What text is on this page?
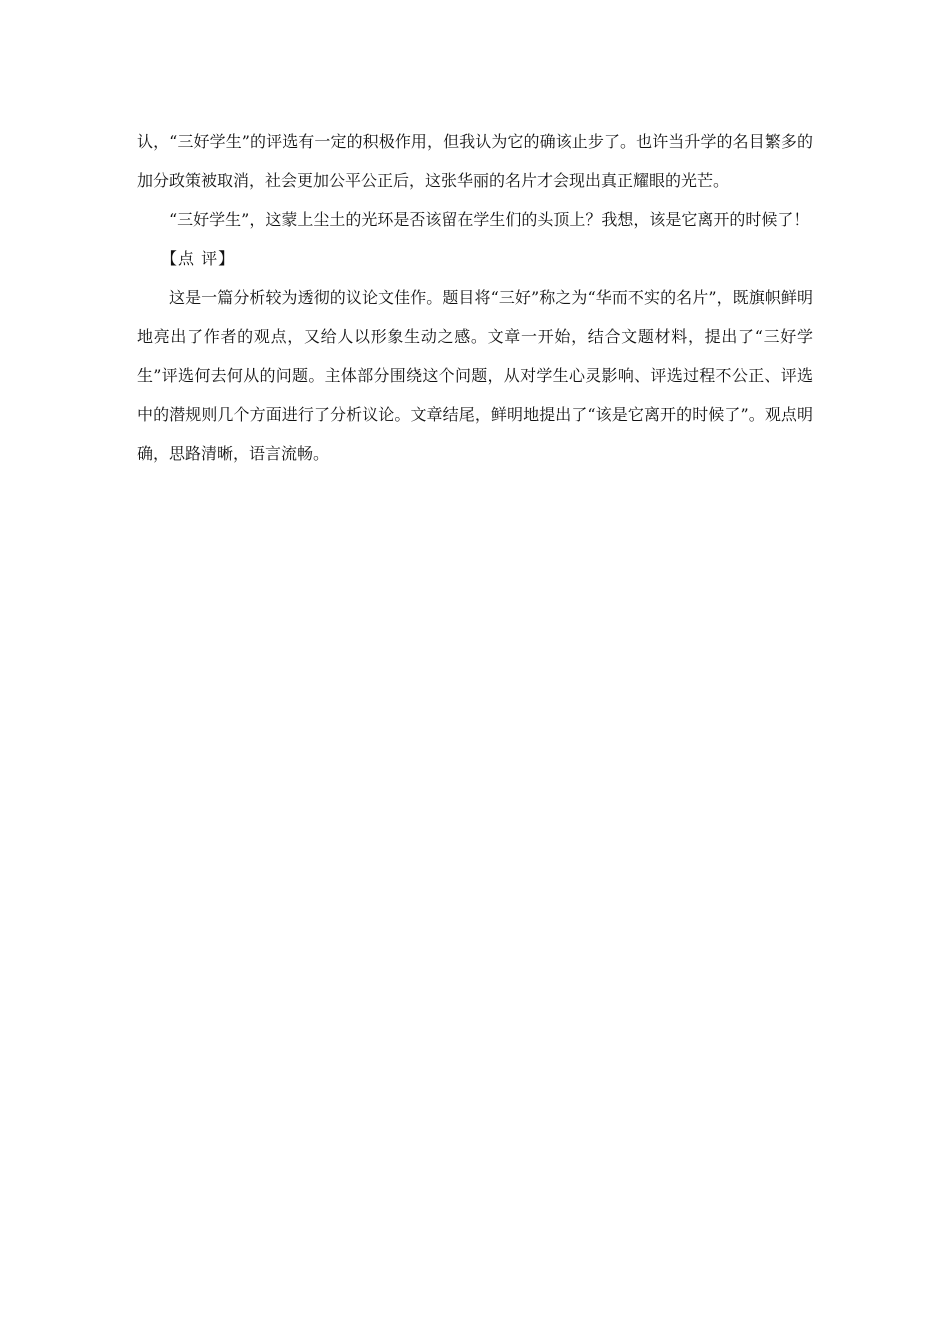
认，“三好学生”的评选有一定的积极作用，但我认为它的确该止步了。也许当升学的名目繁多的加分政策被取消，社会更加公平公正后，这张华丽的名片才会现出真正耀眼的光芒。

“三好学生”，这蒙上尘土的光环是否该留在学生们的头顶上？我想，该是它离开的时候了！

【点 评】

这是一篇分析较为透彻的议论文佳作。题目将“三好”称之为“华而不实的名片”，既旗帜鲜明地亮出了作者的观点，又给人以形象生动之感。文章一开始，结合文题材料，提出了“三好学生”评选何去何从的问题。主体部分围绕这个问题，从对学生心灵影响、评选过程不公正、评选中的潜规则几个方面进行了分析议论。文章结尾，鲜明地提出了“该是它离开的时候了”。观点明确，思路清晰，语言流畅。
